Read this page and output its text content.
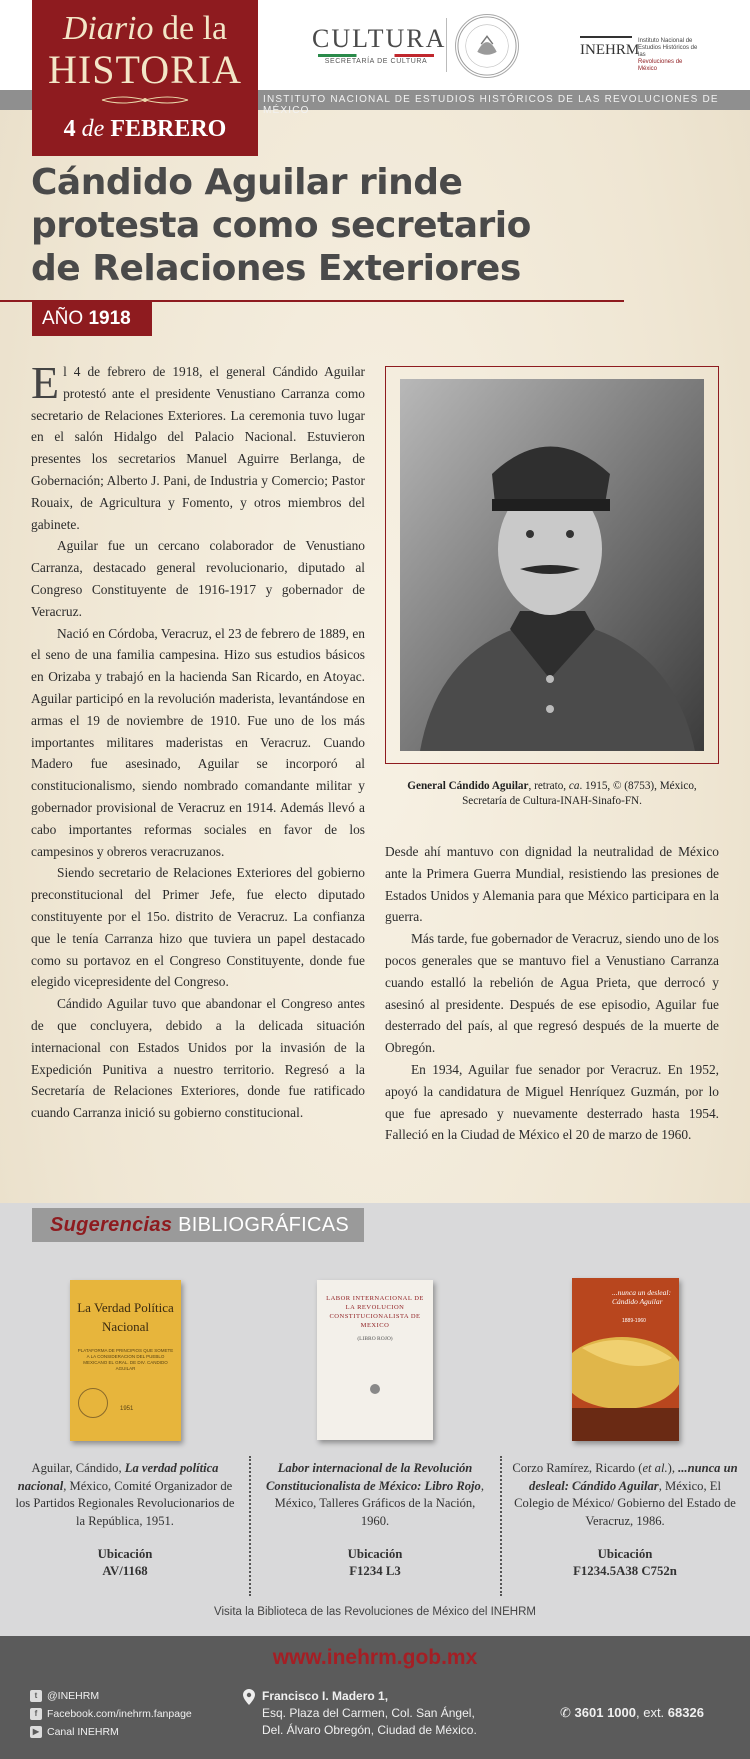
CULTURA
SECRETARÍA DE CULTURA
INEHRM
Instituto Nacional de
Estudios Históricos de las
Revoluciones de México
INSTITUTO NACIONAL DE ESTUDIOS HISTÓRICOS DE LAS REVOLUCIONES DE MÉXICO
Diario de la
HISTORIA
4 de FEBRERO
Cándido Aguilar rinde protesta como secretario de Relaciones Exteriores
AÑO 1918

El 4 de febrero de 1918, el general Cándido Aguilar protestó ante el presidente Venustiano Carranza como secretario de Relaciones Exteriores. La ceremonia tuvo lugar en el salón Hidalgo del Palacio Nacional. Estuvieron presentes los secretarios Manuel Aguirre Berlanga, de Gobernación; Alberto J. Pani, de Industria y Comercio; Pastor Rouaix, de Agricultura y Fomento, y otros miembros del gabinete.

Aguilar fue un cercano colaborador de Venustiano Carranza, destacado general revolucionario, diputado al Congreso Constituyente de 1916-1917 y gobernador de Veracruz.

Nació en Córdoba, Veracruz, el 23 de febrero de 1889, en el seno de una familia campesina. Hizo sus estudios básicos en Orizaba y trabajó en la hacienda San Ricardo, en Atoyac. Aguilar participó en la revolución maderista, levantándose en armas el 19 de noviembre de 1910. Fue uno de los más importantes militares maderistas en Veracruz. Cuando Madero fue asesinado, Aguilar se incorporó al constitucionalismo, siendo nombrado comandante militar y gobernador provisional de Veracruz en 1914. Además llevó a cabo importantes reformas sociales en favor de los campesinos y obreros veracruzanos.

Siendo secretario de Relaciones Exteriores del gobierno preconstitucional del Primer Jefe, fue electo diputado constituyente por el 15o. distrito de Veracruz. La confianza que le tenía Carranza hizo que tuviera un papel destacado como su portavoz en el Congreso Constituyente, donde fue elegido vicepresidente del Congreso.

Cándido Aguilar tuvo que abandonar el Congreso antes de que concluyera, debido a la delicada situación internacional con Estados Unidos por la invasión de la Expedición Punitiva a nuestro territorio. Regresó a la Secretaría de Relaciones Exteriores, donde fue ratificado cuando Carranza inició su gobierno constitucional.

General Cándido Aguilar, retrato, ca. 1915, © (8753), México, Secretaría de Cultura-INAH-Sinafo-FN.

Desde ahí mantuvo con dignidad la neutralidad de México ante la Primera Guerra Mundial, resistiendo las presiones de Estados Unidos y Alemania para que México participara en la guerra.

Más tarde, fue gobernador de Veracruz, siendo uno de los pocos generales que se mantuvo fiel a Venustiano Carranza cuando estalló la rebelión de Agua Prieta, que derrocó y asesinó al presidente. Después de ese episodio, Aguilar fue desterrado del país, al que regresó después de la muerte de Obregón.

En 1934, Aguilar fue senador por Veracruz. En 1952, apoyó la candidatura de Miguel Henríquez Guzmán, por lo que fue apresado y nuevamente desterrado hasta 1954. Falleció en la Ciudad de México el 20 de marzo de 1960.

Sugerencias BIBLIOGRÁFICAS
La Verdad Política Nacional
PLATAFORMA DE PRINCIPIOS QUE SOMETE A LA CONSIDERACION DEL PUEBLO MEXICANO EL GRAL. DE DIV. CANDIDO AGUILAR
1951
LABOR INTERNACIONAL DE LA REVOLUCION CONSTITUCIONALISTA DE MEXICO
(LIBRO ROJO)
...nunca un desleal: Cándido Aguilar
1889-1960
Aguilar, Cándido, La verdad política nacional, México, Comité Organizador de los Partidos Regionales Revolucionarios de la República, 1951.
Labor internacional de la Revolución Constitucionalista de México: Libro Rojo, México, Talleres Gráficos de la Nación, 1960.
Corzo Ramírez, Ricardo (et al.), ...nunca un desleal: Cándido Aguilar, México, El Colegio de México/ Gobierno del Estado de Veracruz, 1986.
Ubicación
AV/1168
Ubicación
F1234 L3
Ubicación
F1234.5A38 C752n
Visita la Biblioteca de las Revoluciones de México del INEHRM
www.inehrm.gob.mx
t @INEHRM
f Facebook.com/inehrm.fanpage
▶ Canal INEHRM
Francisco I. Madero 1,
Esq. Plaza del Carmen, Col. San Ángel,
Del. Álvaro Obregón, Ciudad de México.
✆ 3601 1000, ext. 68326
